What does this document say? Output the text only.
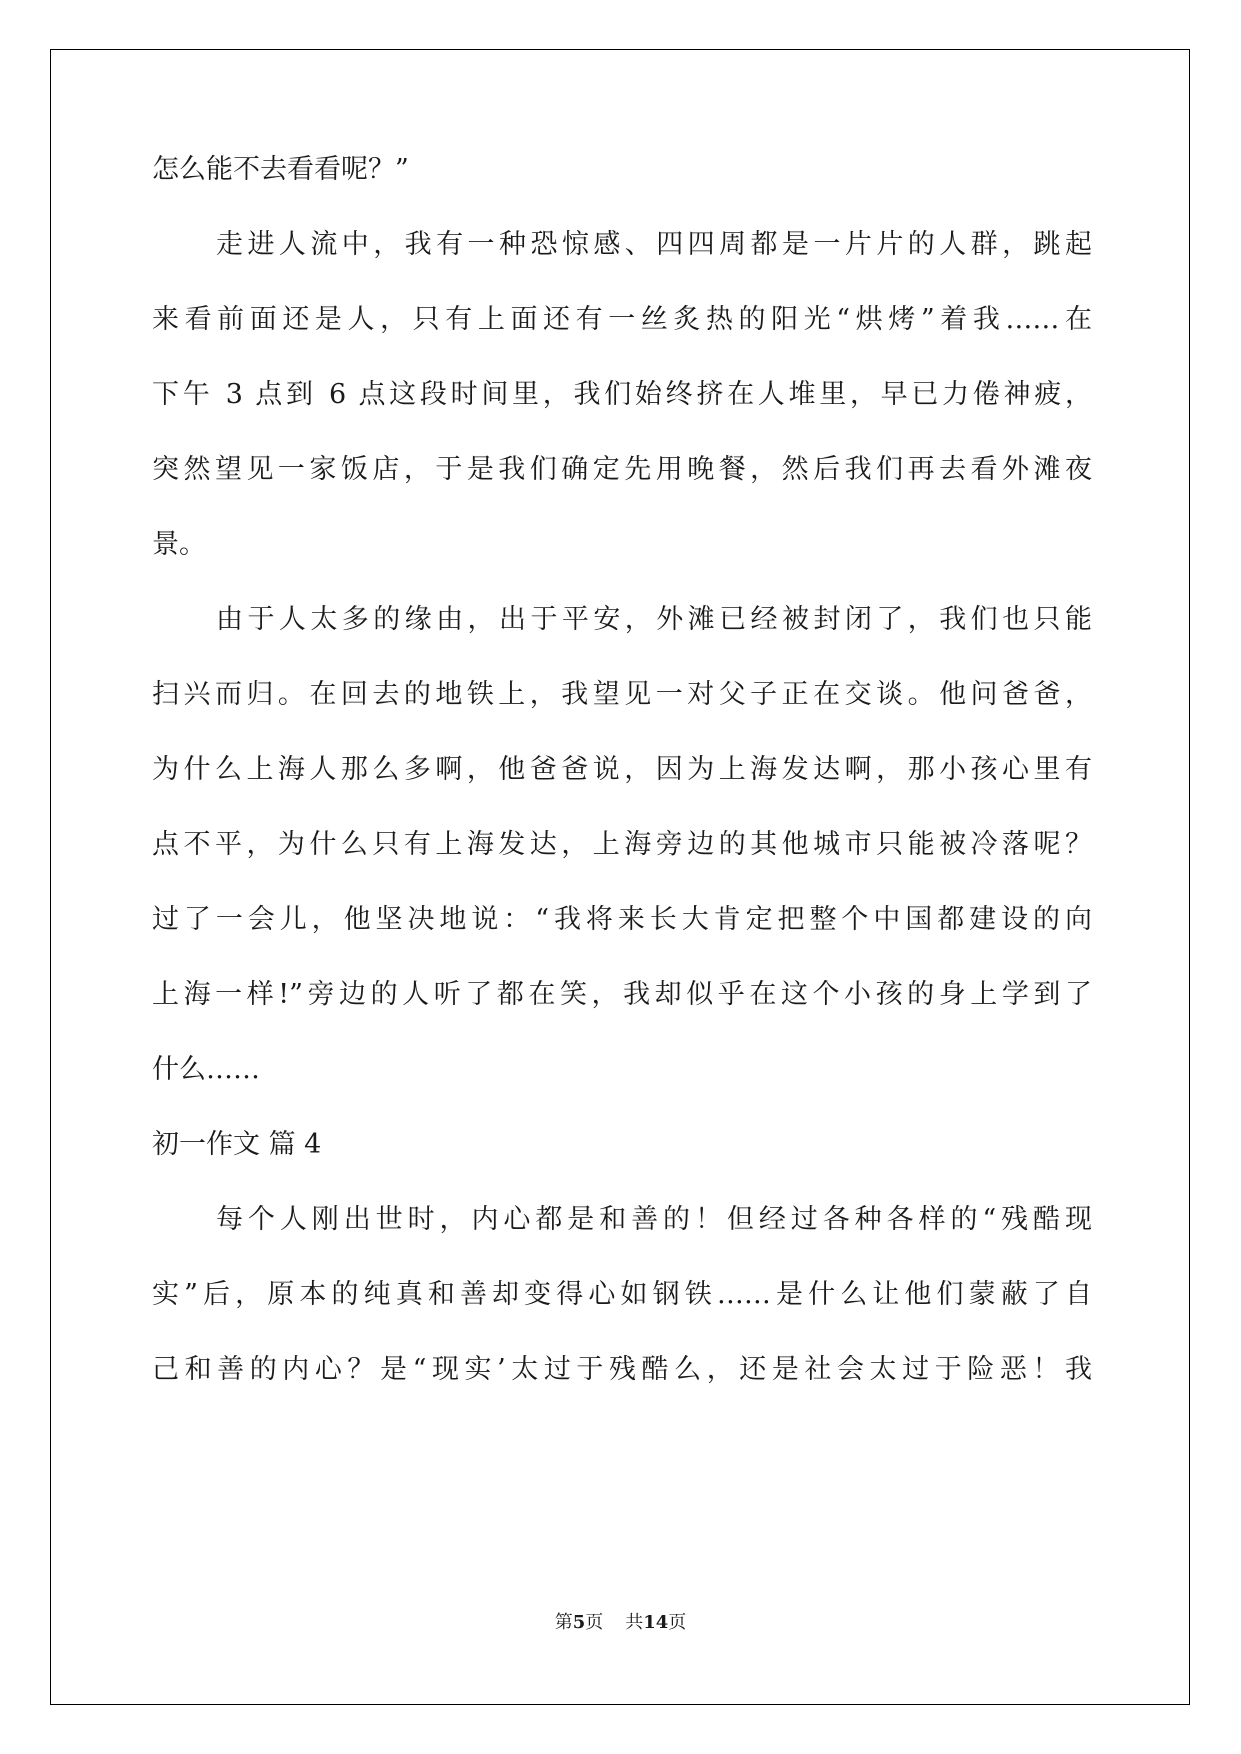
怎么能不去看看呢？”

走进人流中，我有一种恐惊感、四四周都是一片片的人群，跳起

来看前面还是人，只有上面还有一丝炙热的阳光“烘烤”着我……在

下午 3 点到 6 点这段时间里，我们始终挤在人堆里，早已力倦神疲，

突然望见一家饭店，于是我们确定先用晚餐，然后我们再去看外滩夜

景。

由于人太多的缘由，出于平安，外滩已经被封闭了，我们也只能

扫兴而归。在回去的地铁上，我望见一对父子正在交谈。他问爸爸，

为什么上海人那么多啊，他爸爸说，因为上海发达啊，那小孩心里有

点不平，为什么只有上海发达，上海旁边的其他城市只能被冷落呢？

过了一会儿，他坚决地说：“我将来长大肯定把整个中国都建设的向

上海一样!”旁边的人听了都在笑，我却似乎在这个小孩的身上学到了

什么……

初一作文 篇 4

每个人刚出世时，内心都是和善的！但经过各种各样的“残酷现

实”后，原本的纯真和善却变得心如钢铁……是什么让他们蒙蔽了自

己和善的内心？是“现实’太过于残酷么，还是社会太过于险恶！我

第5页 共14页
